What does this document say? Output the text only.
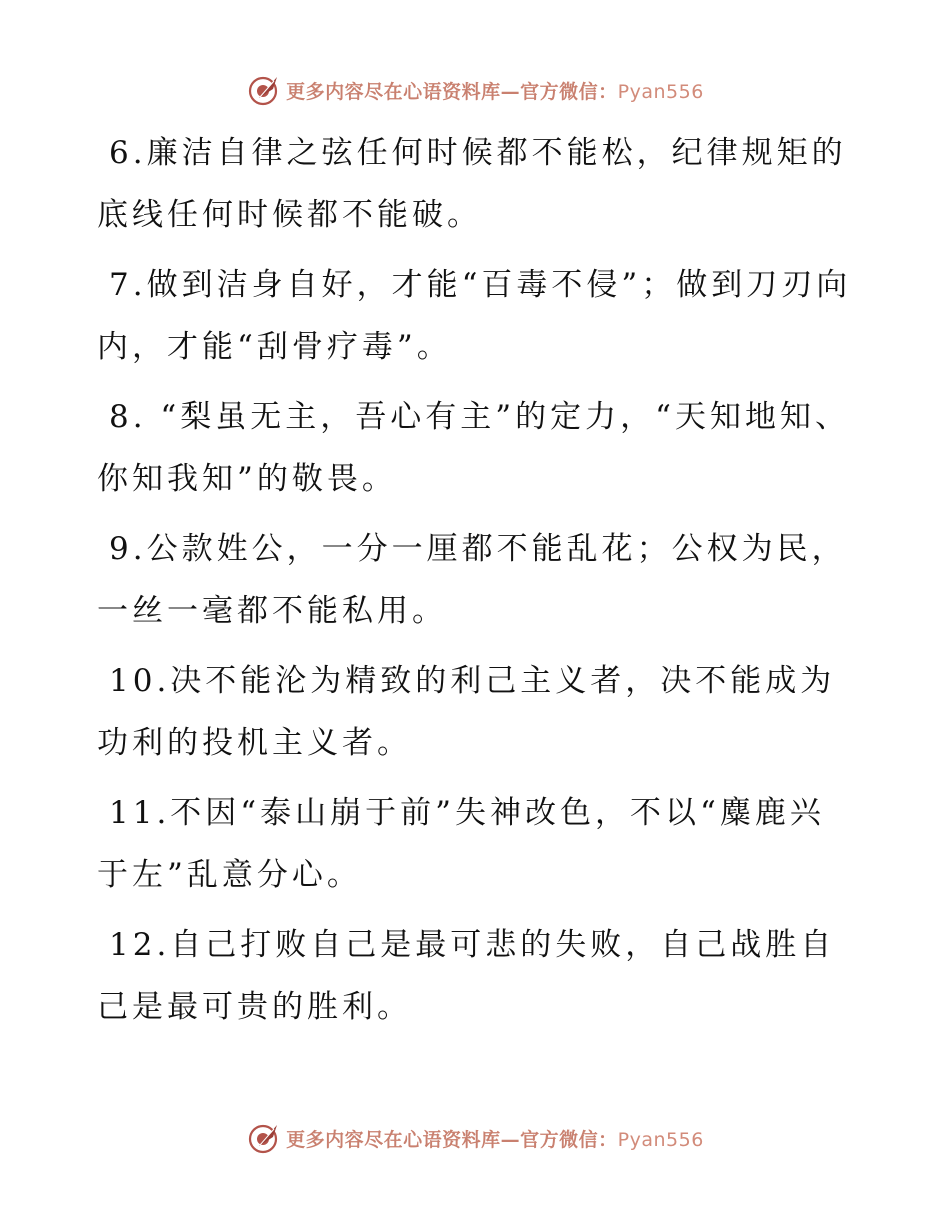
更多内容尽在心语资料库—官方微信：Pyan556

6.廉洁自律之弦任何时候都不能松，纪律规矩的底线任何时候都不能破。

7.做到洁身自好，才能“百毒不侵”；做到刀刃向内，才能“刮骨疗毒”。

8. “梨虽无主，吾心有主”的定力，“天知地知、你知我知”的敬畏。

9.公款姓公，一分一厘都不能乱花；公权为民，一丝一毫都不能私用。

10.决不能沦为精致的利己主义者，决不能成为功利的投机主义者。

11.不因“泰山崩于前”失神改色，不以“麋鹿兴于左”乱意分心。

12.自己打败自己是最可悲的失败，自己战胜自己是最可贵的胜利。

更多内容尽在心语资料库—官方微信：Pyan556
